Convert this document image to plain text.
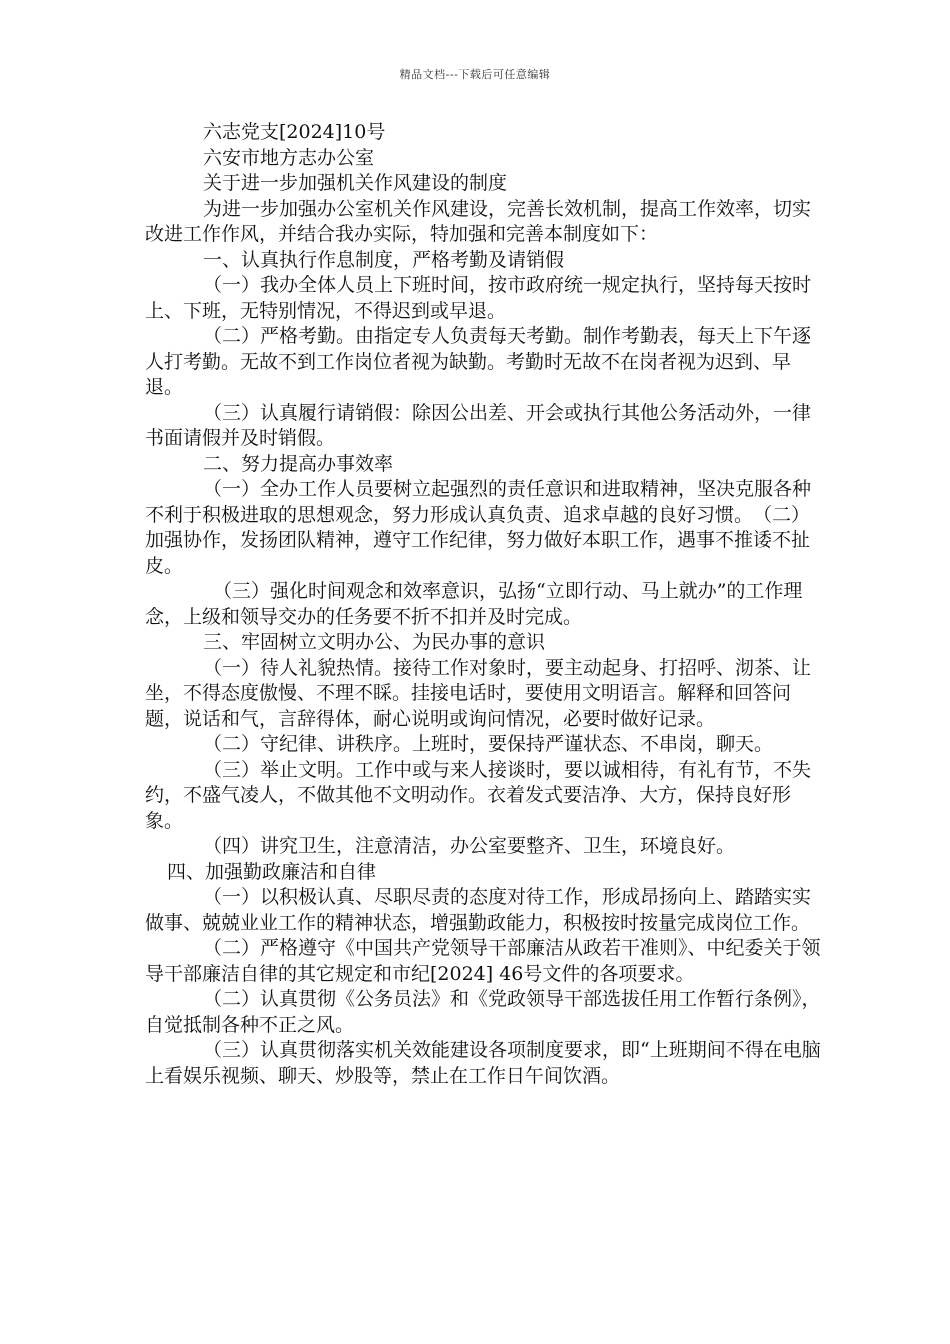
精品文档---下载后可任意编辑

六志党支[2024]10号

六安市地方志办公室

关于进一步加强机关作风建设的制度

为进一步加强办公室机关作风建设，完善长效机制，提高工作效率，切实改进工作作风，并结合我办实际，特加强和完善本制度如下：

一、认真执行作息制度，严格考勤及请销假

（一）我办全体人员上下班时间，按市政府统一规定执行，坚持每天按时上、下班，无特别情况，不得迟到或早退。

（二）严格考勤。由指定专人负责每天考勤。制作考勤表，每天上下午逐人打考勤。无故不到工作岗位者视为缺勤。考勤时无故不在岗者视为迟到、早退。

（三）认真履行请销假：除因公出差、开会或执行其他公务活动外，一律书面请假并及时销假。

二、努力提高办事效率

（一）全办工作人员要树立起强烈的责任意识和进取精神，坚决克服各种不利于积极进取的思想观念，努力形成认真负责、追求卓越的良好习惯。　（二）加强协作，发扬团队精神，遵守工作纪律，努力做好本职工作，遇事不推诿不扯皮。

（三）强化时间观念和效率意识，弘扬“立即行动、马上就办”的工作理念，上级和领导交办的任务要不折不扣并及时完成。

三、牢固树立文明办公、为民办事的意识

（一）待人礼貌热情。接待工作对象时，要主动起身、打招呼、沏茶、让坐，不得态度傲慢、不理不睬。挂接电话时，要使用文明语言。解释和回答问题，说话和气，言辞得体，耐心说明或询问情况，必要时做好记录。

（二）守纪律、讲秩序。上班时，要保持严谨状态、不串岗，聊天。

（三）举止文明。工作中或与来人接谈时，要以诚相待，有礼有节，不失约，不盛气凌人，不做其他不文明动作。衣着发式要洁净、大方，保持良好形象。

（四）讲究卫生，注意清洁，办公室要整齐、卫生，环境良好。

四、加强勤政廉洁和自律

（一）以积极认真、尽职尽责的态度对待工作，形成昂扬向上、踏踏实实做事、兢兢业业工作的精神状态，增强勤政能力，积极按时按量完成岗位工作。

（二）严格遵守《中国共产党领导干部廉洁从政若干准则》、中纪委关于领导干部廉洁自律的其它规定和市纪[2024] 46号文件的各项要求。

（二）认真贯彻《公务员法》和《党政领导干部选拔任用工作暂行条例》，自觉抵制各种不正之风。

（三）认真贯彻落实机关效能建设各项制度要求，即“上班期间不得在电脑上看娱乐视频、聊天、炒股等，禁止在工作日午间饮酒。
